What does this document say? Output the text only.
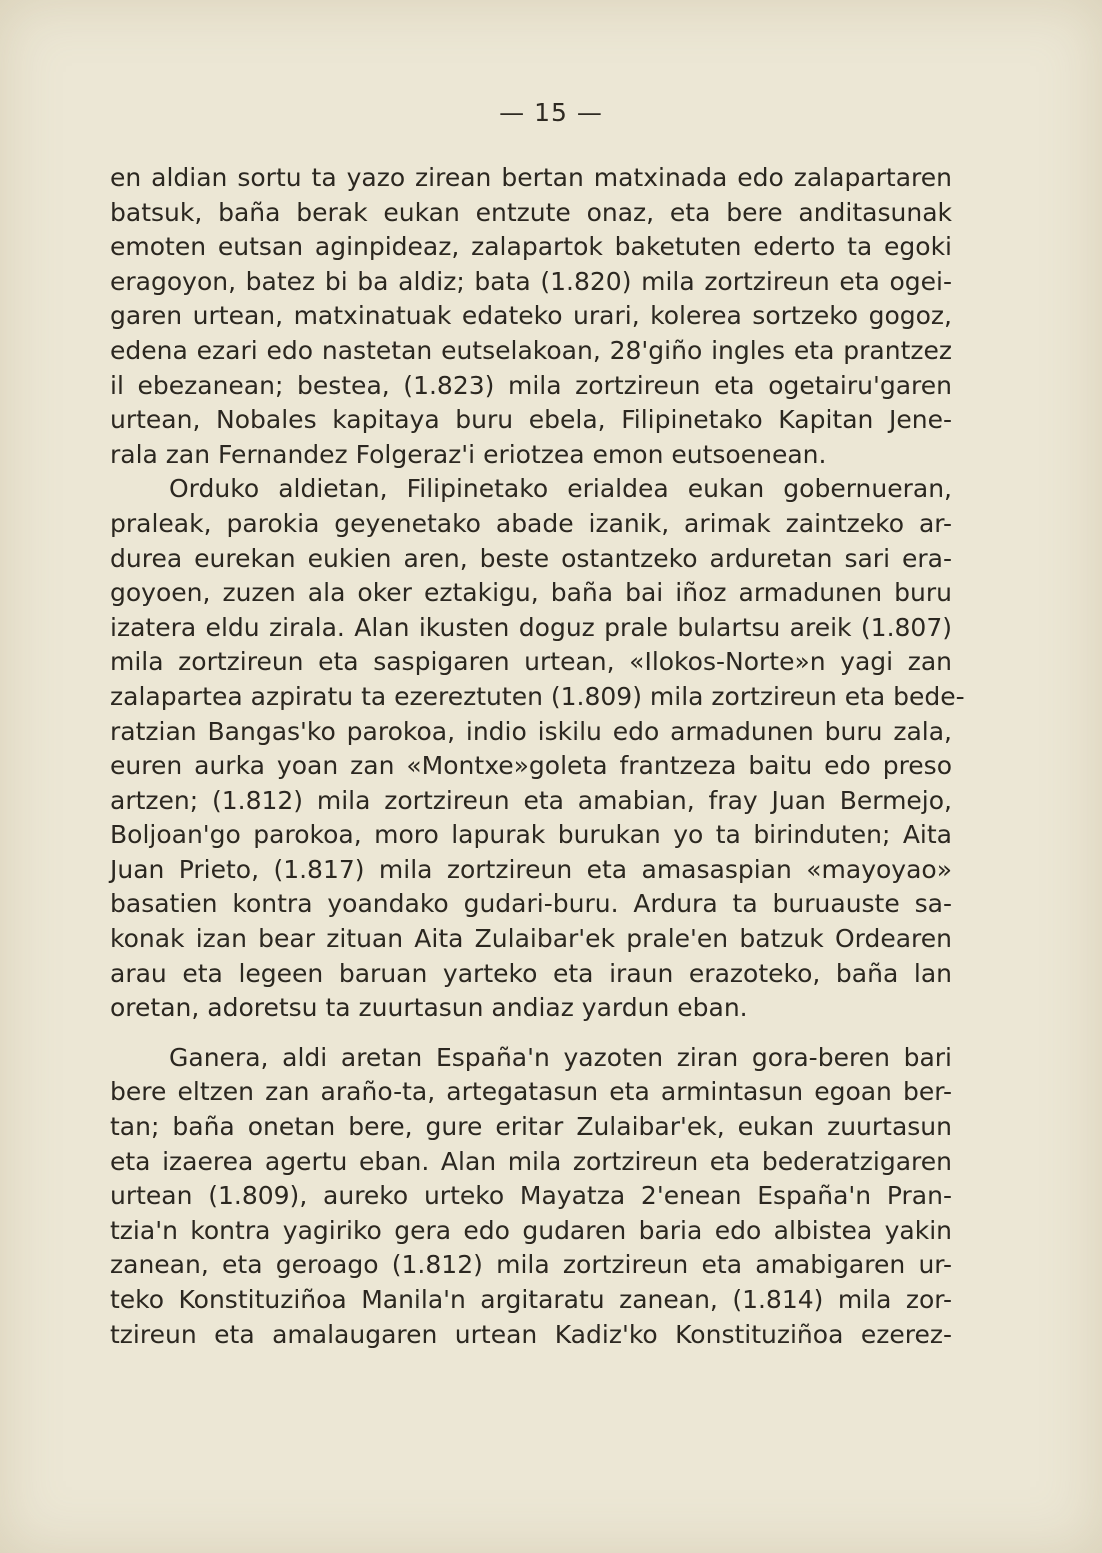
— 15 —
en aldian sortu ta yazo zirean bertan matxinada edo zalapartaren
batsuk, baña berak eukan entzute onaz, eta bere anditasunak
emoten eutsan aginpideaz, zalapartok baketuten ederto ta egoki
eragoyon, batez bi ba aldiz; bata (1.820) mila zortzireun eta ogei-
garen urtean, matxinatuak edateko urari, kolerea sortzeko gogoz,
edena ezari edo nastetan eutselakoan, 28'giño ingles eta prantzez
il ebezanean; bestea, (1.823) mila zortzireun eta ogetairu'garen
urtean, Nobales kapitaya buru ebela, Filipinetako Kapitan Jene-
rala zan Fernandez Folgeraz'i eriotzea emon eutsoenean.
Orduko aldietan, Filipinetako erialdea eukan gobernueran,
praleak, parokia geyenetako abade izanik, arimak zaintzeko ar-
durea eurekan eukien aren, beste ostantzeko arduretan sari era-
goyoen, zuzen ala oker eztakigu, baña bai iñoz armadunen buru
izatera eldu zirala. Alan ikusten doguz prale bulartsu areik (1.807)
mila zortzireun eta saspigaren urtean, «Ilokos-Norte»n yagi zan
zalapartea azpiratu ta ezereztuten (1.809) mila zortzireun eta bede-
ratzian Bangas'ko parokoa, indio iskilu edo armadunen buru zala,
euren aurka yoan zan «Montxe»goleta frantzeza baitu edo preso
artzen; (1.812) mila zortzireun eta amabian, fray Juan Bermejo,
Boljoan'go parokoa, moro lapurak burukan yo ta birinduten; Aita
Juan Prieto, (1.817) mila zortzireun eta amasaspian «mayoyao»
basatien kontra yoandako gudari-buru. Ardura ta buruauste sa-
konak izan bear zituan Aita Zulaibar'ek prale'en batzuk Ordearen
arau eta legeen baruan yarteko eta iraun erazoteko, baña lan
oretan, adoretsu ta zuurtasun andiaz yardun eban.
Ganera, aldi aretan España'n yazoten ziran gora-beren bari
bere eltzen zan araño-ta, artegatasun eta armintasun egoan ber-
tan; baña onetan bere, gure eritar Zulaibar'ek, eukan zuurtasun
eta izaerea agertu eban. Alan mila zortzireun eta bederatzigaren
urtean (1.809), aureko urteko Mayatza 2'enean España'n Pran-
tzia'n kontra yagiriko gera edo gudaren baria edo albistea yakin
zanean, eta geroago (1.812) mila zortzireun eta amabigaren ur-
teko Konstituziñoa Manila'n argitaratu zanean, (1.814) mila zor-
tzireun eta amalaugaren urtean Kadiz'ko Konstituziñoa ezerez-
